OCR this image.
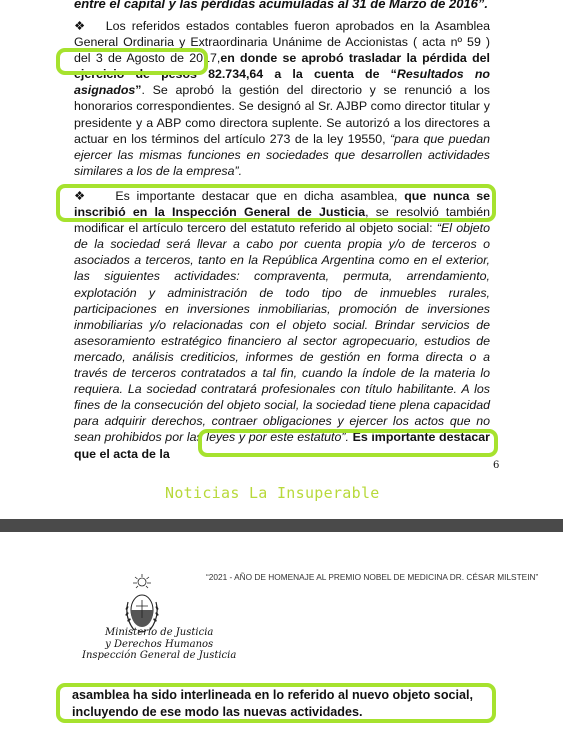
entre el capital y las pérdidas acumuladas al 31 de Marzo de 2016”.
❖ Los referidos estados contables fueron aprobados en la Asamblea General Ordinaria y Extraordinaria Unánime de Accionistas ( acta nº 59 ) del 3 de Agosto de 2017,en donde se aprobó trasladar la pérdida del ejercicio de pesos 82.734,64 a la cuenta de “Resultados no asignados”. Se aprobó la gestión del directorio y se renunció a los honorarios correspondientes. Se designó al Sr. AJBP como director titular y presidente y a ABP como directora suplente. Se autorizó a los directores a actuar en los términos del artículo 273 de la ley 19550, “para que puedan ejercer las mismas funciones en sociedades que desarrollen actividades similares a los de la empresa”.
❖ Es importante destacar que en dicha asamblea, que nunca se inscribió en la Inspección General de Justicia, se resolvió también modificar el artículo tercero del estatuto referido al objeto social: “El objeto de la sociedad será llevar a cabo por cuenta propia y/o de terceros o asociados a terceros, tanto en la República Argentina como en el exterior, las siguientes actividades: compraventa, permuta, arrendamiento, explotación y administración de todo tipo de inmuebles rurales, participaciones en inversiones inmobiliarias, promoción de inversiones inmobiliarias y/o relacionadas con el objeto social. Brindar servicios de asesoramiento estratégico financiero al sector agropecuario, estudios de mercado, análisis crediticios, informes de gestión en forma directa o a través de terceros contratados a tal fin, cuando la índole de la materia lo requiera. La sociedad contratará profesionales con título habilitante. A los fines de la consecución del objeto social, la sociedad tiene plena capacidad para adquirir derechos, contraer obligaciones y ejercer los actos que no sean prohibidos por las leyes y por este estatuto”. Es importante destacar que el acta de la
6
Noticias La Insuperable
“2021 - AÑO DE HOMENAJE AL PREMIO NOBEL DE MEDICINA DR. CÉSAR MILSTEIN”
Ministerio de Justicia
y Derechos Humanos
Inspección General de Justicia
asamblea ha sido interlineada en lo referido al nuevo objeto social, incluyendo de ese modo las nuevas actividades.
